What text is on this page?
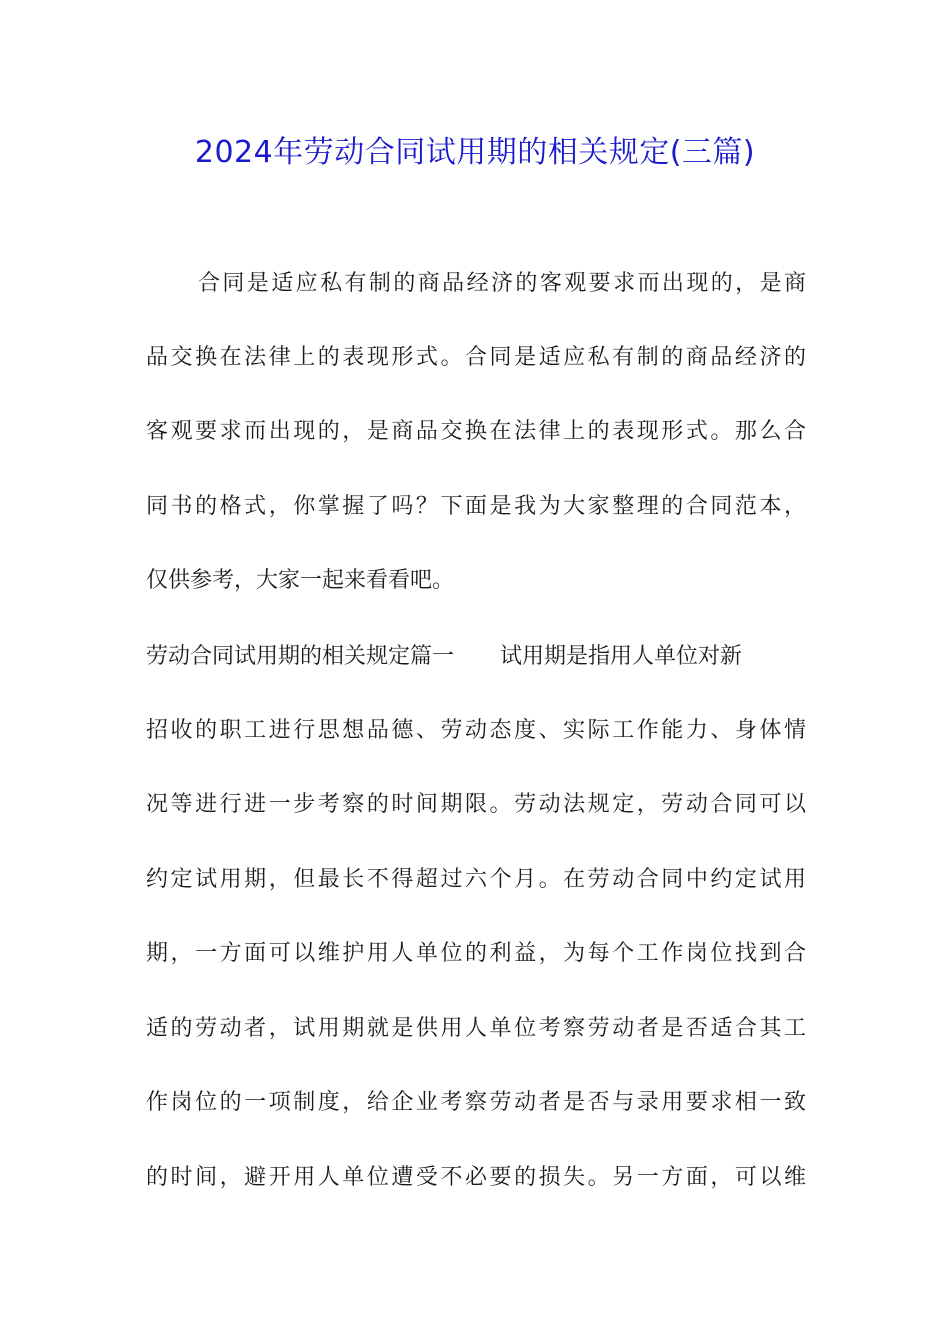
2024年劳动合同试用期的相关规定(三篇)
合同是适应私有制的商品经济的客观要求而出现的，是商
品交换在法律上的表现形式。合同是适应私有制的商品经济的
客观要求而出现的，是商品交换在法律上的表现形式。那么合
同书的格式，你掌握了吗？下面是我为大家整理的合同范本，
仅供参考，大家一起来看看吧。
劳动合同试用期的相关规定篇一 试用期是指用人单位对新
招收的职工进行思想品德、劳动态度、实际工作能力、身体情
况等进行进一步考察的时间期限。劳动法规定，劳动合同可以
约定试用期，但最长不得超过六个月。在劳动合同中约定试用
期，一方面可以维护用人单位的利益，为每个工作岗位找到合
适的劳动者，试用期就是供用人单位考察劳动者是否适合其工
作岗位的一项制度，给企业考察劳动者是否与录用要求相一致
的时间，避开用人单位遭受不必要的损失。另一方面，可以维
